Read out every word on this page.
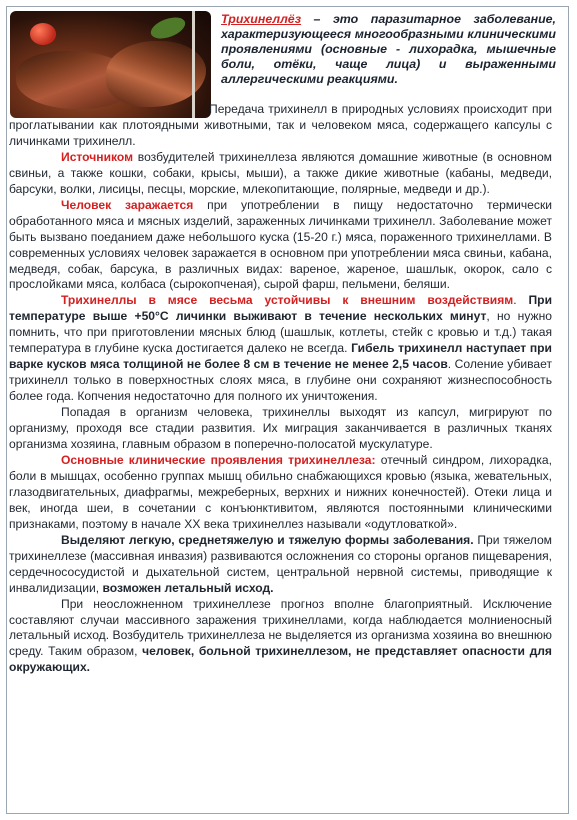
Трихинеллёз – это паразитарное заболевание, характеризующееся многообразными клиническими проявлениями (основные - лихорадка, мышечные боли, отёки, чаще лица) и выраженными аллергическими реакциями.

Передача трихинелл в природных условиях происходит при проглатывании как плотоядными животными, так и человеком мяса, содержащего капсулы с личинками трихинелл.

Источником возбудителей трихинеллеза являются домашние животные (в основном свиньи, а также кошки, собаки, крысы, мыши), а также дикие животные (кабаны, медведи, барсуки, волки, лисицы, песцы, морские, млекопитающие, полярные, медведи и др.).

Человек заражается при употреблении в пищу недостаточно термически обработанного мяса и мясных изделий, зараженных личинками трихинелл. Заболевание может быть вызвано поеданием даже небольшого куска (15-20 г.) мяса, пораженного трихинеллами. В современных условиях человек заражается в основном при употреблении мяса свиньи, кабана, медведя, собак, барсука, в различных видах: вареное, жареное, шашлык, окорок, сало с прослойками мяса, колбаса (сырокопченая), сырой фарш, пельмени, беляши.

Трихинеллы в мясе весьма устойчивы к внешним воздействиям. При температуре выше +50°С личинки выживают в течение нескольких минут, но нужно помнить, что при приготовлении мясных блюд (шашлык, котлеты, стейк с кровью и т.д.) такая температура в глубине куска достигается далеко не всегда. Гибель трихинелл наступает при варке кусков мяса толщиной не более 8 см в течение не менее 2,5 часов. Соление убивает трихинелл только в поверхностных слоях мяса, в глубине они сохраняют жизнеспособность более года. Копчения недостаточно для полного их уничтожения.

Попадая в организм человека, трихинеллы выходят из капсул, мигрируют по организму, проходя все стадии развития. Их миграция заканчивается в различных тканях организма хозяина, главным образом в поперечно-полосатой мускулатуре.

Основные клинические проявления трихинеллеза: отечный синдром, лихорадка, боли в мышцах, особенно группах мышц обильно снабжающихся кровью (языка, жевательных, глазодвигательных, диафрагмы, межреберных, верхних и нижних конечностей). Отеки лица и век, иногда шеи, в сочетании с конъюнктивитом, являются постоянными клиническими признаками, поэтому в начале ХХ века трихинеллез называли «одутловаткой».

Выделяют легкую, среднетяжелую и тяжелую формы заболевания. При тяжелом трихинеллезе (массивная инвазия) развиваются осложнения со стороны органов пищеварения, сердечнососудистой и дыхательной систем, центральной нервной системы, приводящие к инвалидизации, возможен летальный исход.

При неосложненном трихинеллезе прогноз вполне благоприятный. Исключение составляют случаи массивного заражения трихинеллами, когда наблюдается молниеносный летальный исход. Возбудитель трихинеллеза не выделяется из организма хозяина во внешнюю среду. Таким образом, человек, больной трихинеллезом, не представляет опасности для окружающих.
